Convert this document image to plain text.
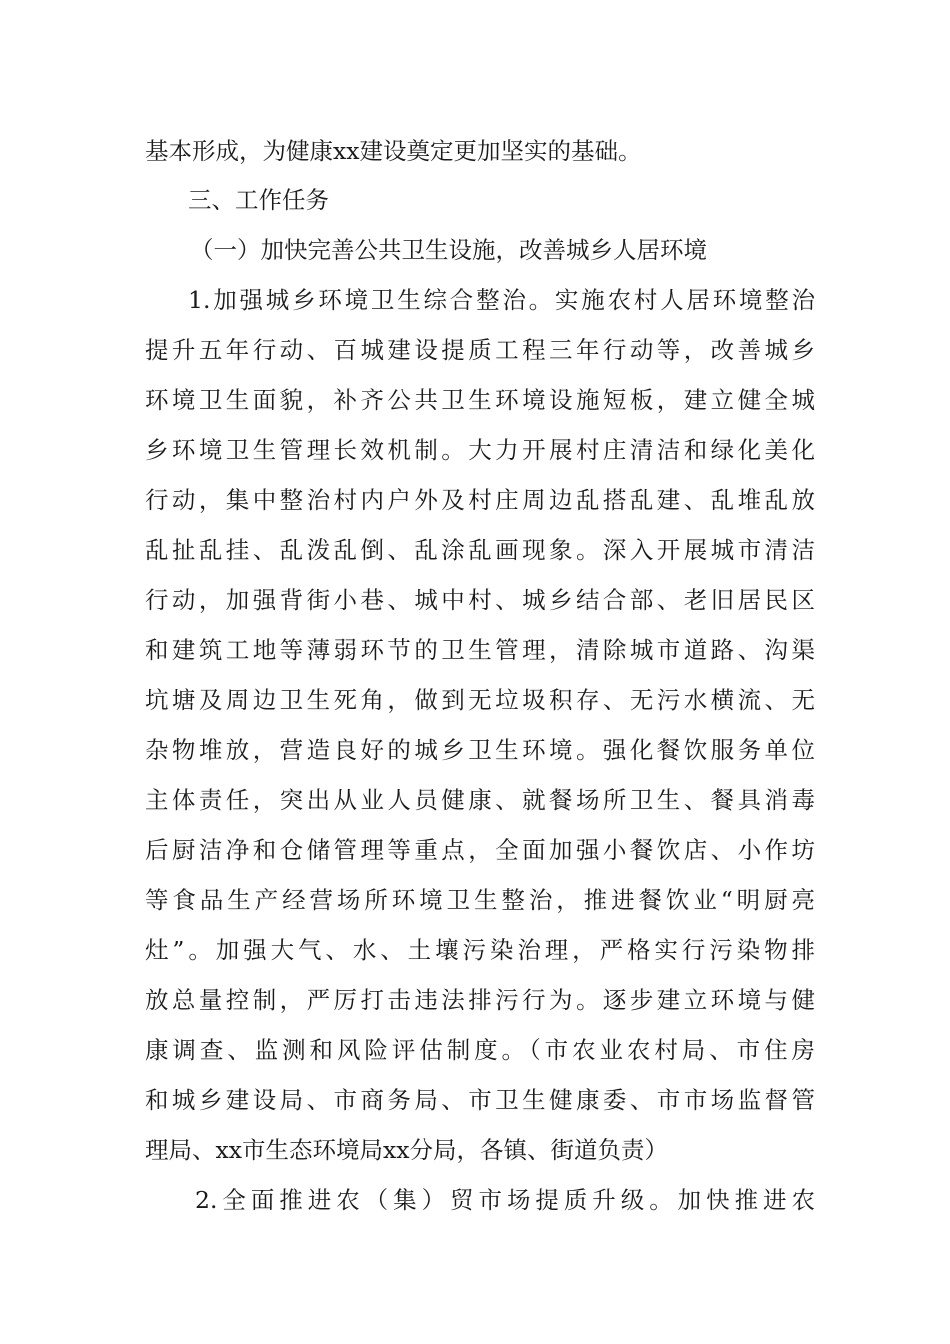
基本形成，为健康xx建设奠定更加坚实的基础。
三、工作任务
（一）加快完善公共卫生设施，改善城乡人居环境
1.加强城乡环境卫生综合整治。实施农村人居环境整治
提升五年行动、百城建设提质工程三年行动等，改善城乡
环境卫生面貌，补齐公共卫生环境设施短板，建立健全城
乡环境卫生管理长效机制。大力开展村庄清洁和绿化美化
行动，集中整治村内户外及村庄周边乱搭乱建、乱堆乱放
乱扯乱挂、乱泼乱倒、乱涂乱画现象。深入开展城市清洁
行动，加强背街小巷、城中村、城乡结合部、老旧居民区
和建筑工地等薄弱环节的卫生管理，清除城市道路、沟渠
坑塘及周边卫生死角，做到无垃圾积存、无污水横流、无
杂物堆放，营造良好的城乡卫生环境。强化餐饮服务单位
主体责任，突出从业人员健康、就餐场所卫生、餐具消毒
后厨洁净和仓储管理等重点，全面加强小餐饮店、小作坊
等食品生产经营场所环境卫生整治，推进餐饮业“明厨亮
灶”。加强大气、水、土壤污染治理，严格实行污染物排
放总量控制，严厉打击违法排污行为。逐步建立环境与健
康调查、监测和风险评估制度。（市农业农村局、市住房
和城乡建设局、市商务局、市卫生健康委、市市场监督管
理局、xx市生态环境局xx分局，各镇、街道负责）
2.全面推进农（集）贸市场提质升级。加快推进农
